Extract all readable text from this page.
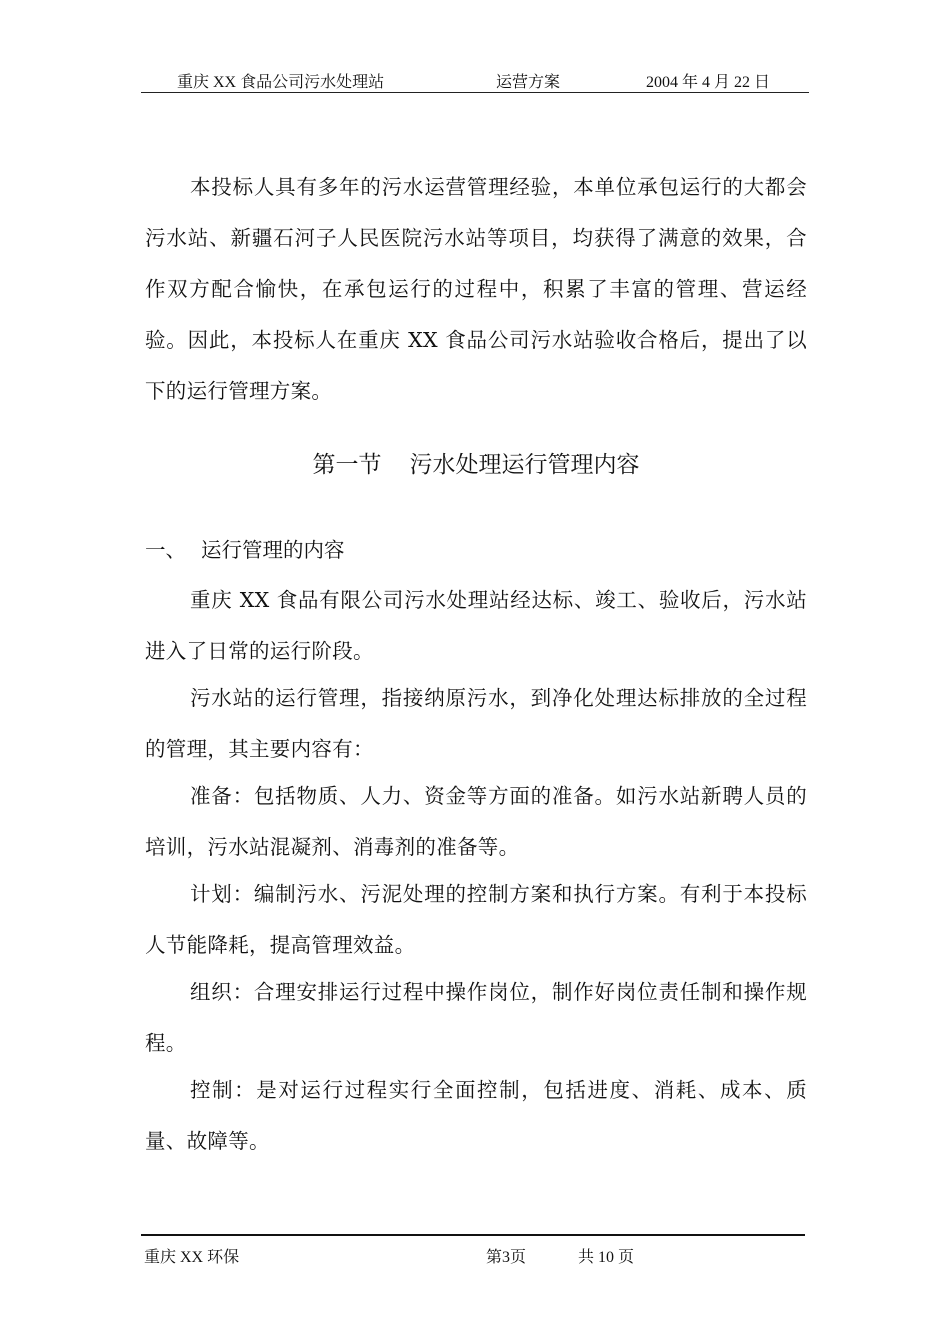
重庆 XX 食品公司污水处理站	运营方案	2004 年 4 月 22 日

本投标人具有多年的污水运营管理经验，本单位承包运行的大都会污水站、新疆石河子人民医院污水站等项目，均获得了满意的效果，合作双方配合愉快，在承包运行的过程中，积累了丰富的管理、营运经验。因此，本投标人在重庆 XX 食品公司污水站验收合格后，提出了以下的运行管理方案。

第一节 污水处理运行管理内容

一、 运行管理的内容

重庆 XX 食品有限公司污水处理站经达标、竣工、验收后，污水站进入了日常的运行阶段。

污水站的运行管理，指接纳原污水，到净化处理达标排放的全过程的管理，其主要内容有：

准备：包括物质、人力、资金等方面的准备。如污水站新聘人员的培训，污水站混凝剂、消毒剂的准备等。

计划：编制污水、污泥处理的控制方案和执行方案。有利于本投标人节能降耗，提高管理效益。

组织：合理安排运行过程中操作岗位，制作好岗位责任制和操作规程。

控制：是对运行过程实行全面控制，包括进度、消耗、成本、质量、故障等。

重庆 XX 环保	第3页	共 10 页
